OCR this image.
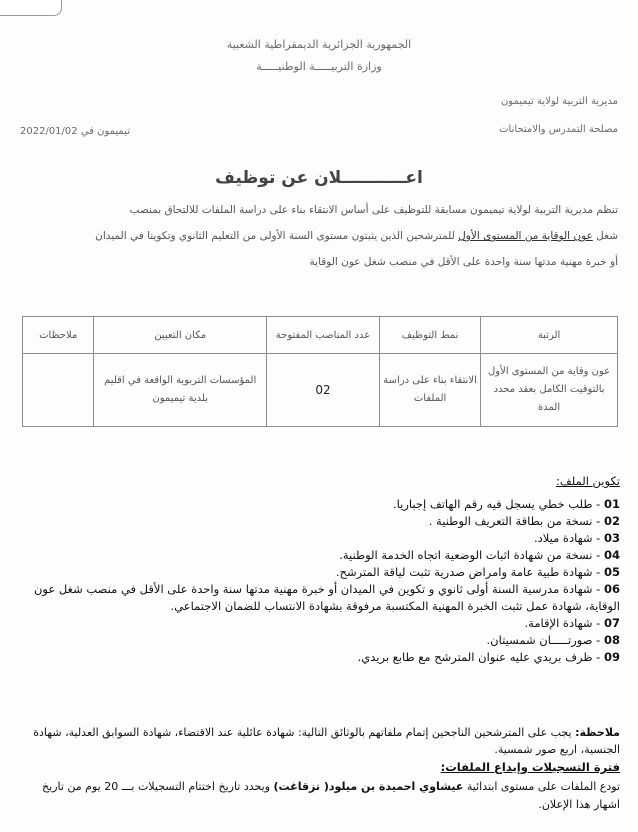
الجمهورية الجزائرية الديمقراطية الشعبية
وزارة التربيـــــة الوطنيـــــة
مديرية التربية لولاية تيميمون
مصلحة التمدرس والامتحانات
تيميمون في 2022/01/02
اعـــــــــــلان عن توظيف
تنظم مديرية التربية لولاية تيميمون مسابقة للتوظيف على أساس الانتقاء بناء على دراسة الملفات للالتحاق بمنصب
شغل عون الوقاية من المستوى الأول للمترشحين الذين يثبتون مستوى السنة الأولى من التعليم الثانوي وتكوينا في الميدان
أو خبرة مهنية مدتها سنة واحدة على الأقل في منصب شغل عون الوقاية
الرتبة	نمط التوظيف	عدد المناصب المفتوحة	مكان التعيين	ملاحظات
عون وقاية من المستوى الأول بالتوقيت الكامل بعقد محدد المدة	الانتقاء بناء على دراسة الملفات	02	المؤسسات التربوية الواقعة في اقليم بلدية تيميمون	
تكوين الملف:
01 - طلب خطي يسجل فيه رقم الهاتف إجباريا.
02 - نسخة من بطاقة التعريف الوطنية .
03 - شهادة ميلاد.
04 - نسخة من شهادة اثبات الوضعية اتجاه الخدمة الوطنية.
05 - شهادة طبية عامة وامراض صدرية تثبت لياقة المترشح.
06 - شهادة مدرسية السنة أولى ثانوي و تكوين في الميدان أو خبرة مهنية مدتها سنة واحدة على الأقل في منصب شغل عون الوقاية، شهادة عمل تثبت الخبرة المهنية المكتسبة مرفوقة بشهادة الانتساب للضمان الاجتماعي.
07 - شهادة الإقامة.
08 - صورتـــــان شمسيتان.
09 - ظرف بريدي عليه عنوان المترشح مع طابع بريدي.
ملاحظة: يجب على المترشحين الناجحين إتمام ملفاتهم بالوثائق التالية: شهادة عائلية عند الاقتضاء، شهادة السوابق العدلية، شهادة الجنسية، اربع صور شمسية.
فترة التسجيلات وإيداع الملفات:
تودع الملفات على مستوى ابتدائية عيشاوي احميدة بن ميلود( تزقاغت) ويحدد تاريخ اختتام التسجيلات بـــ 20 يوم من تاريخ اشهار هذا الإعلان.
